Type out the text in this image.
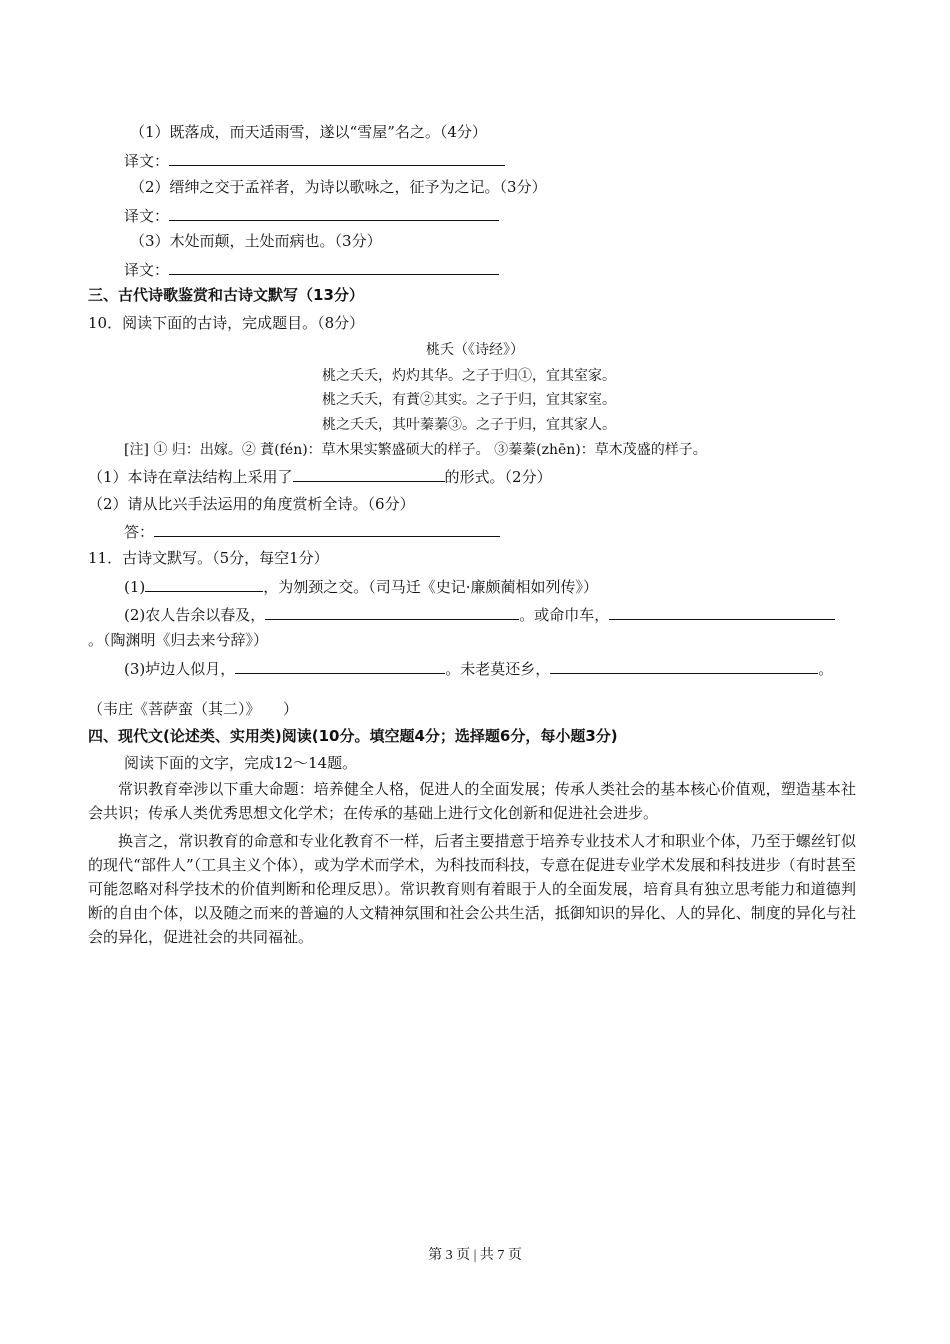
（1）既落成，而天适雨雪，遂以“雪屋”名之。（4分）
译文：
（2）缙绅之交于孟祥者，为诗以歌咏之，征予为之记。（3分）
译文：
（3）木处而颠，土处而病也。（3分）
译文：
三、古代诗歌鉴赏和古诗文默写（13分）
10．阅读下面的古诗，完成题目。（8分）
桃夭（《诗经》）
桃之夭夭，灼灼其华。之子于归①，宜其室家。
桃之夭夭，有蕡②其实。之子于归，宜其家室。
桃之夭夭，其叶蓁蓁③。之子于归，宜其家人。
[注] ① 归：出嫁。② 蕡(fén)：草木果实繁盛硕大的样子。 ③蓁蓁(zhēn)：草木茂盛的样子。
（1）本诗在章法结构上采用了	的形式。（2分）
（2）请从比兴手法运用的角度赏析全诗。（6分）
答：
11．古诗文默写。（5分，每空1分）
(1)	，为刎颈之交。（司马迁《史记·廉颇蔺相如列传》）
(2)农人告余以春及，	。或命巾车，
。（陶渊明《归去来兮辞》）
(3)垆边人似月，	。未老莫还乡，	。
（韦庄《菩萨蛮（其二）》　　）
四、现代文(论述类、实用类)阅读(10分。填空题4分；选择题6分，每小题3分)
阅读下面的文字，完成12～14题。
常识教育牵涉以下重大命题：培养健全人格，促进人的全面发展；传承人类社会的基本核心价值观，塑造基本社会共识；传承人类优秀思想文化学术；在传承的基础上进行文化创新和促进社会进步。
换言之，常识教育的命意和专业化教育不一样，后者主要措意于培养专业技术人才和职业个体，乃至于螺丝钉似的现代“部件人”（工具主义个体），或为学术而学术，为科技而科技，专意在促进专业学术发展和科技进步（有时甚至可能忽略对科学技术的价值判断和伦理反思）。常识教育则有着眼于人的全面发展，培育具有独立思考能力和道德判断的自由个体，以及随之而来的普遍的人文精神氛围和社会公共生活，抵御知识的异化、人的异化、制度的异化与社会的异化，促进社会的共同福祉。
第 3 页 | 共 7 页
